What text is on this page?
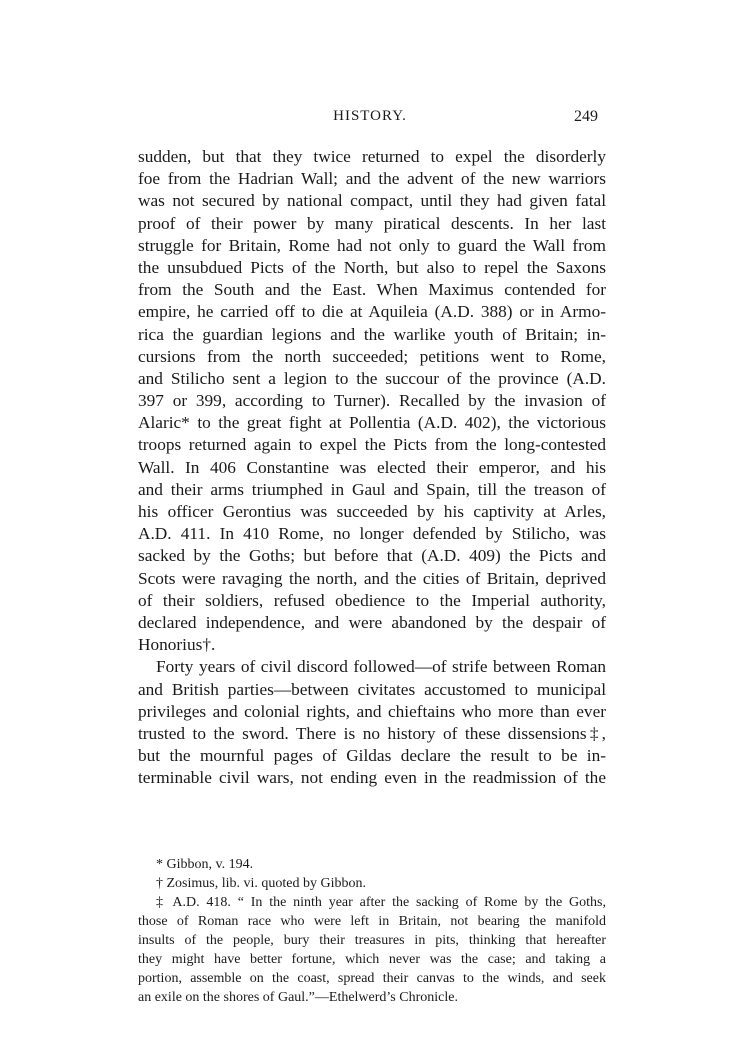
HISTORY.	249
sudden, but that they twice returned to expel the disorderly
foe from the Hadrian Wall; and the advent of the new warriors
was not secured by national compact, until they had given fatal
proof of their power by many piratical descents. In her last
struggle for Britain, Rome had not only to guard the Wall from
the unsubdued Picts of the North, but also to repel the Saxons
from the South and the East. When Maximus contended for
empire, he carried off to die at Aquileia (A.D. 388) or in Armo-
rica the guardian legions and the warlike youth of Britain; in-
cursions from the north succeeded; petitions went to Rome,
and Stilicho sent a legion to the succour of the province (A.D.
397 or 399, according to Turner). Recalled by the invasion of
Alaric* to the great fight at Pollentia (A.D. 402), the victorious
troops returned again to expel the Picts from the long-contested
Wall. In 406 Constantine was elected their emperor, and his
and their arms triumphed in Gaul and Spain, till the treason of
his officer Gerontius was succeeded by his captivity at Arles,
A.D. 411. In 410 Rome, no longer defended by Stilicho, was
sacked by the Goths; but before that (A.D. 409) the Picts and
Scots were ravaging the north, and the cities of Britain, deprived
of their soldiers, refused obedience to the Imperial authority,
declared independence, and were abandoned by the despair of
Honorius†.
Forty years of civil discord followed—of strife between Roman
and British parties—between civitates accustomed to municipal
privileges and colonial rights, and chieftains who more than ever
trusted to the sword. There is no history of these dissensions‡,
but the mournful pages of Gildas declare the result to be in-
terminable civil wars, not ending even in the readmission of the
* Gibbon, v. 194.
† Zosimus, lib. vi. quoted by Gibbon.
‡ A.D. 418. “ In the ninth year after the sacking of Rome by the Goths,
those of Roman race who were left in Britain, not bearing the manifold
insults of the people, bury their treasures in pits, thinking that hereafter
they might have better fortune, which never was the case; and taking a
portion, assemble on the coast, spread their canvas to the winds, and seek
an exile on the shores of Gaul.”—Ethelwerd’s Chronicle.
